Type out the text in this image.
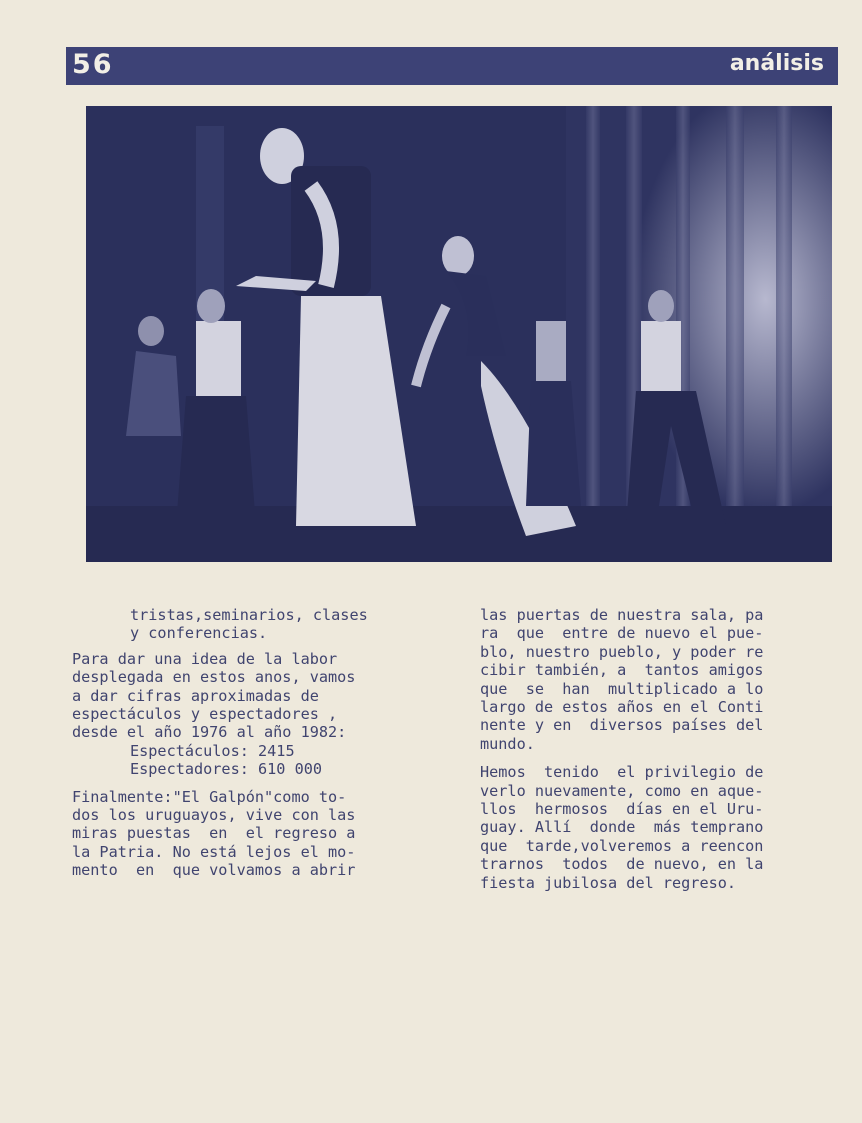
56	análisis

tristas,seminarios, clases
y conferencias.

Para dar una idea de la labor
desplegada en estos anos, vamos
a dar cifras aproximadas de
espectáculos y espectadores ,
desde el año 1976 al año 1982:

Espectáculos: 2415

Espectadores: 610 000

Finalmente:"El Galpón"como to-
dos los uruguayos, vive con las
miras puestas  en  el regreso a
la Patria. No está lejos el mo-
mento  en  que volvamos a abrir

las puertas de nuestra sala, pa
ra  que  entre de nuevo el pue-
blo, nuestro pueblo, y poder re
cibir también, a  tantos amigos
que  se  han  multiplicado a lo
largo de estos años en el Conti
nente y en  diversos países del
mundo.

Hemos  tenido  el privilegio de
verlo nuevamente, como en aque-
llos  hermosos  días en el Uru-
guay. Allí  donde  más temprano
que  tarde,volveremos a reencon
trarnos  todos  de nuevo, en la
fiesta jubilosa del regreso.
